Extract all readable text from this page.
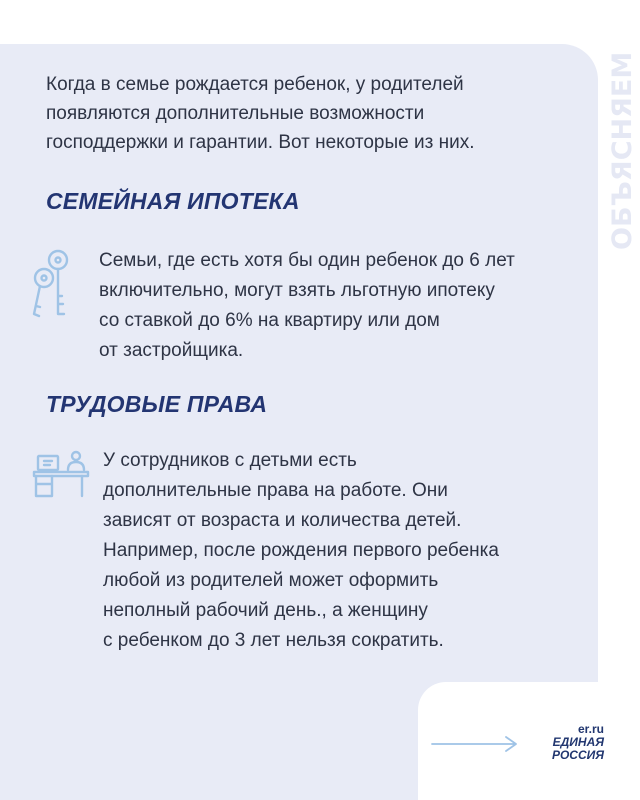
ОБЪЯСНЯЕМ
Когда в семье рождается ребенок, у родителей
появляются дополнительные возможности
господдержки и гарантии. Вот некоторые из них.
СЕМЕЙНАЯ ИПОТЕКА
Семьи, где есть хотя бы один ребенок до 6 лет
включительно, могут взять льготную ипотеку
со ставкой до 6% на квартиру или дом
от застройщика.
ТРУДОВЫЕ ПРАВА
У сотрудников с детьми есть
дополнительные права на работе. Они
зависят от возраста и количества детей.
Например, после рождения первого ребенка
любой из родителей может оформить
неполный рабочий день., а женщину
с ребенком до 3 лет нельзя сократить.
er.ru
ЕДИНАЯ
РОССИЯ
